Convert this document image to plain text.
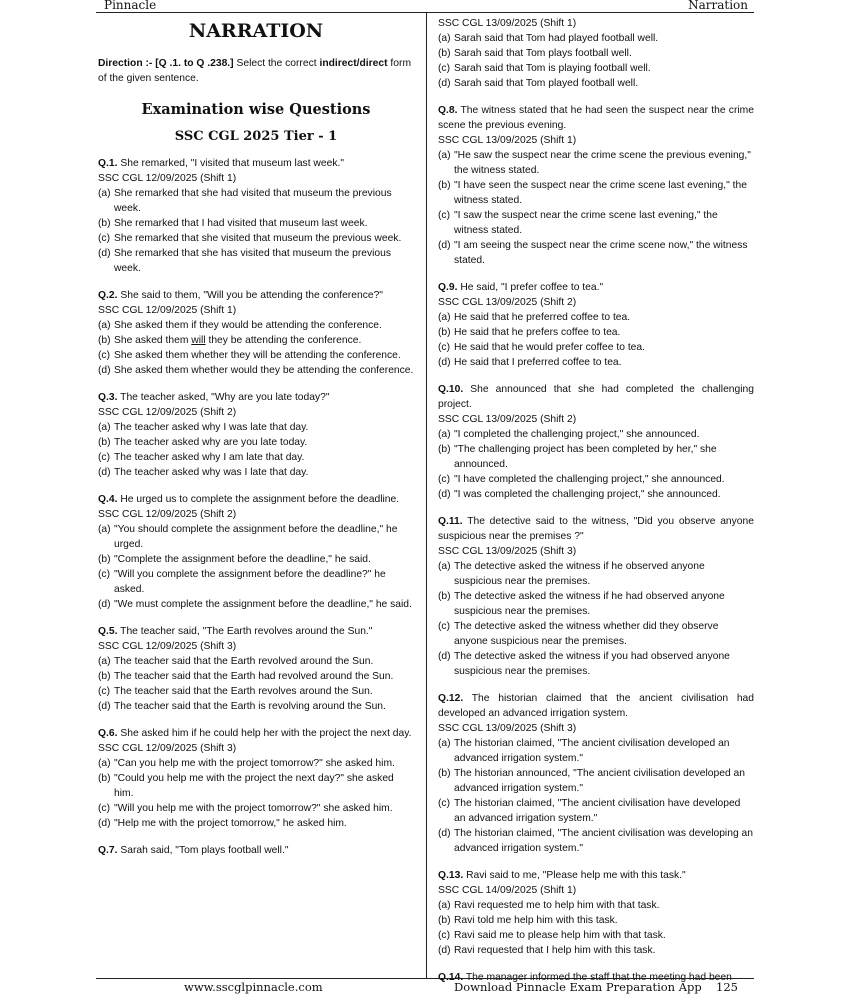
Pinnacle	Narration
NARRATION
Direction :- [Q .1. to Q .238.] Select the correct indirect/direct form of the given sentence.
Examination wise Questions
SSC CGL 2025 Tier - 1
Q.1. She remarked, "I visited that museum last week."
SSC CGL 12/09/2025 (Shift 1)
(a) She remarked that she had visited that museum the previous week.
(b) She remarked that I had visited that museum last week.
(c) She remarked that she visited that museum the previous week.
(d) She remarked that she has visited that museum the previous week.
Q.2. She said to them, "Will you be attending the conference?"
SSC CGL 12/09/2025 (Shift 1)
(a) She asked them if they would be attending the conference.
(b) She asked them will they be attending the conference.
(c) She asked them whether they will be attending the conference.
(d) She asked them whether would they be attending the conference.
Q.3. The teacher asked, "Why are you late today?"
SSC CGL 12/09/2025 (Shift 2)
(a) The teacher asked why I was late that day.
(b) The teacher asked why are you late today.
(c) The teacher asked why I am late that day.
(d) The teacher asked why was I late that day.
Q.4. He urged us to complete the assignment before the deadline.
SSC CGL 12/09/2025 (Shift 2)
(a) "You should complete the assignment before the deadline," he urged.
(b) "Complete the assignment before the deadline," he said.
(c) "Will you complete the assignment before the deadline?" he asked.
(d) "We must complete the assignment before the deadline," he said.
Q.5. The teacher said, "The Earth revolves around the Sun."
SSC CGL 12/09/2025 (Shift 3)
(a) The teacher said that the Earth revolved around the Sun.
(b) The teacher said that the Earth had revolved around the Sun.
(c) The teacher said that the Earth revolves around the Sun.
(d) The teacher said that the Earth is revolving around the Sun.
Q.6. She asked him if he could help her with the project the next day.
SSC CGL 12/09/2025 (Shift 3)
(a) "Can you help me with the project tomorrow?" she asked him.
(b) "Could you help me with the project the next day?" she asked him.
(c) "Will you help me with the project tomorrow?" she asked him.
(d) "Help me with the project tomorrow," he asked him.
Q.7. Sarah said, "Tom plays football well."
SSC CGL 13/09/2025 (Shift 1)
(a) Sarah said that Tom had played football well.
(b) Sarah said that Tom plays football well.
(c) Sarah said that Tom is playing football well.
(d) Sarah said that Tom played football well.
Q.8. The witness stated that he had seen the suspect near the crime scene the previous evening.
SSC CGL 13/09/2025 (Shift 1)
(a) "He saw the suspect near the crime scene the previous evening," the witness stated.
(b) "I have seen the suspect near the crime scene last evening," the witness stated.
(c) "I saw the suspect near the crime scene last evening," the witness stated.
(d) "I am seeing the suspect near the crime scene now," the witness stated.
Q.9. He said, "I prefer coffee to tea."
SSC CGL 13/09/2025 (Shift 2)
(a) He said that he preferred coffee to tea.
(b) He said that he prefers coffee to tea.
(c) He said that he would prefer coffee to tea.
(d) He said that I preferred coffee to tea.
Q.10. She announced that she had completed the challenging project.
SSC CGL 13/09/2025 (Shift 2)
(a) "I completed the challenging project," she announced.
(b) "The challenging project has been completed by her," she announced.
(c) "I have completed the challenging project," she announced.
(d) "I was completed the challenging project," she announced.
Q.11. The detective said to the witness, "Did you observe anyone suspicious near the premises ?"
SSC CGL 13/09/2025 (Shift 3)
(a) The detective asked the witness if he observed anyone suspicious near the premises.
(b) The detective asked the witness if he had observed anyone suspicious near the premises.
(c) The detective asked the witness whether did they observe anyone suspicious near the premises.
(d) The detective asked the witness if you had observed anyone suspicious near the premises.
Q.12. The historian claimed that the ancient civilisation had developed an advanced irrigation system.
SSC CGL 13/09/2025 (Shift 3)
(a) The historian claimed, "The ancient civilisation developed an advanced irrigation system."
(b) The historian announced, "The ancient civilisation developed an advanced irrigation system."
(c) The historian claimed, "The ancient civilisation have developed an advanced irrigation system."
(d) The historian claimed, "The ancient civilisation was developing an advanced irrigation system."
Q.13. Ravi said to me, "Please help me with this task."
SSC CGL 14/09/2025 (Shift 1)
(a) Ravi requested me to help him with that task.
(b) Ravi told me help him with this task.
(c) Ravi said me to please help him with that task.
(d) Ravi requested that I help him with this task.
Q.14. The manager informed the staff that the meeting had been
www.sscglpinnacle.com	Download Pinnacle Exam Preparation App 125
